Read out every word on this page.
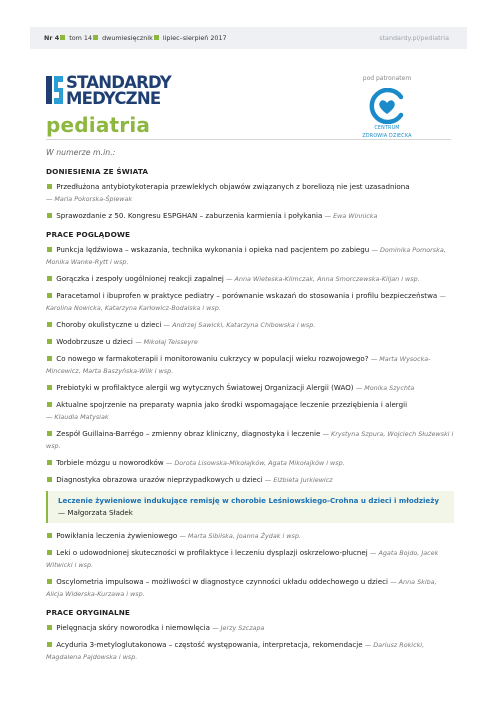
Nr 4 tom 14 dwumiesięcznik lipiec–sierpień 2017	standardy.pl/pediatria
STANDARDY
MEDYCZNE
pediatria
pod patronatem
CENTRUM
ZDROWIA DZIECKA
W numerze m.in.:
DONIESIENIA ZE ŚWIATA
Przedłużona antybiotykoterapia przewlekłych objawów związanych z boreliozą nie jest uzasadniona
— Maria Pokorska-Śpiewak
Sprawozdanie z 50. Kongresu ESPGHAN – zaburzenia karmienia i połykania — Ewa Winnicka
PRACE POGLĄDOWE
Punkcja lędźwiowa – wskazania, technika wykonania i opieka nad pacjentem po zabiegu — Dominika Pomorska, Monika Wanke-Rytt i wsp.
Gorączka i zespoły uogólnionej reakcji zapalnej — Anna Wieteska-Klimczak, Anna Smorczewska-Kiljan i wsp.
Paracetamol i ibuprofen w praktyce pediatry – porównanie wskazań do stosowania i profilu bezpieczeństwa — Karolina Nowicka, Katarzyna Karłowicz-Bodalska i wsp.
Choroby okulistyczne u dzieci — Andrzej Sawicki, Katarzyna Chibowska i wsp.
Wodobrzusze u dzieci — Mikołaj Teisseyre
Co nowego w farmakoterapii i monitorowaniu cukrzycy w populacji wieku rozwojowego? — Marta Wysocka-Mincewicz, Marta Baszyńska-Wilk i wsp.
Prebiotyki w profilaktyce alergii wg wytycznych Światowej Organizacji Alergii (WAO) — Monika Szychta
Aktualne spojrzenie na preparaty wapnia jako środki wspomagające leczenie przeziębienia i alergii
— Klaudia Matysiak
Zespół Guillaina-Barrégo – zmienny obraz kliniczny, diagnostyka i leczenie — Krystyna Szpura, Wojciech Służewski i wsp.
Torbiele mózgu u noworodków — Dorota Lisowska-Mikołajków, Agata Mikołajków i wsp.
Diagnostyka obrazowa urazów nieprzypadkowych u dzieci — Elżbieta Jurkiewicz
Leczenie żywieniowe indukujące remisję w chorobie Leśniowskiego-Crohna u dzieci i młodzieży— Małgorzata Sładek
Powikłania leczenia żywieniowego — Marta Sibilska, Joanna Żydak i wsp.
Leki o udowodnionej skuteczności w profilaktyce i leczeniu dysplazji oskrzelowo-płucnej — Agata Bojdo, Jacek Witwicki i wsp.
Oscylometria impulsowa – możliwości w diagnostyce czynności układu oddechowego u dzieci — Anna Skiba, Alicja Widerska-Kurzawa i wsp.
PRACE ORYGINALNE
Pielęgnacja skóry noworodka i niemowlęcia — Jerzy Szczapa
Acyduria 3-metyloglutakonowa – częstość występowania, interpretacja, rekomendacje — Dariusz Rokicki, Magdalena Pajdowska i wsp.
